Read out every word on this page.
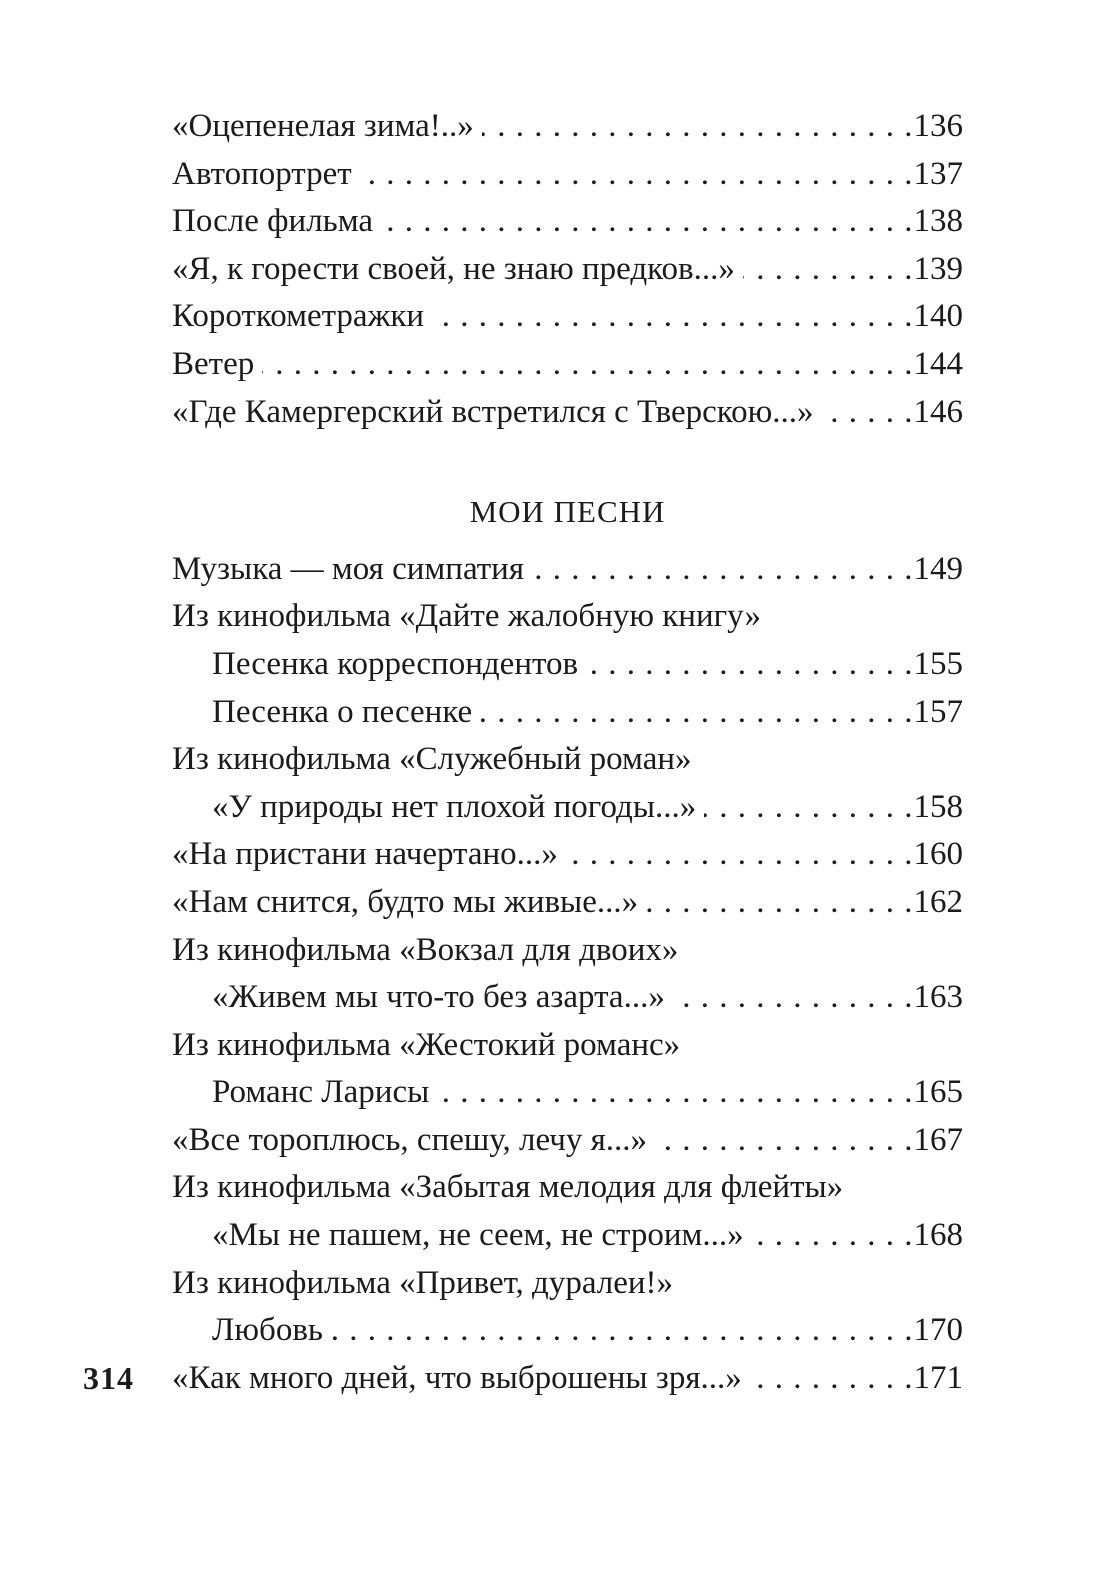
314
«Оцепенелая зима!..» . . .	136
Автопортрет . . .	137
После фильма . . .	138
«Я, к горести своей, не знаю предков...» . . .	139
Короткометражки . . .	140
Ветер . . .	144
«Где Камергерский встретился с Тверскою...» . . .	146
МОИ ПЕСНИ
Музыка — моя симпатия . . .	149
Из кинофильма «Дайте жалобную книгу»
Песенка корреспондентов . . .	155
Песенка о песенке . . .	157
Из кинофильма «Служебный роман»
«У природы нет плохой погоды...» . . .	158
«На пристани начертано...» . . .	160
«Нам снится, будто мы живые...» . . .	162
Из кинофильма «Вокзал для двоих»
«Живем мы что-то без азарта...» . . .	163
Из кинофильма «Жестокий романс»
Романс Ларисы . . .	165
«Все тороплюсь, спешу, лечу я...» . . .	167
Из кинофильма «Забытая мелодия для флейты»
«Мы не пашем, не сеем, не строим...» . . .	168
Из кинофильма «Привет, дуралеи!»
Любовь . . .	170
«Как много дней, что выброшены зря...» . . .	171
